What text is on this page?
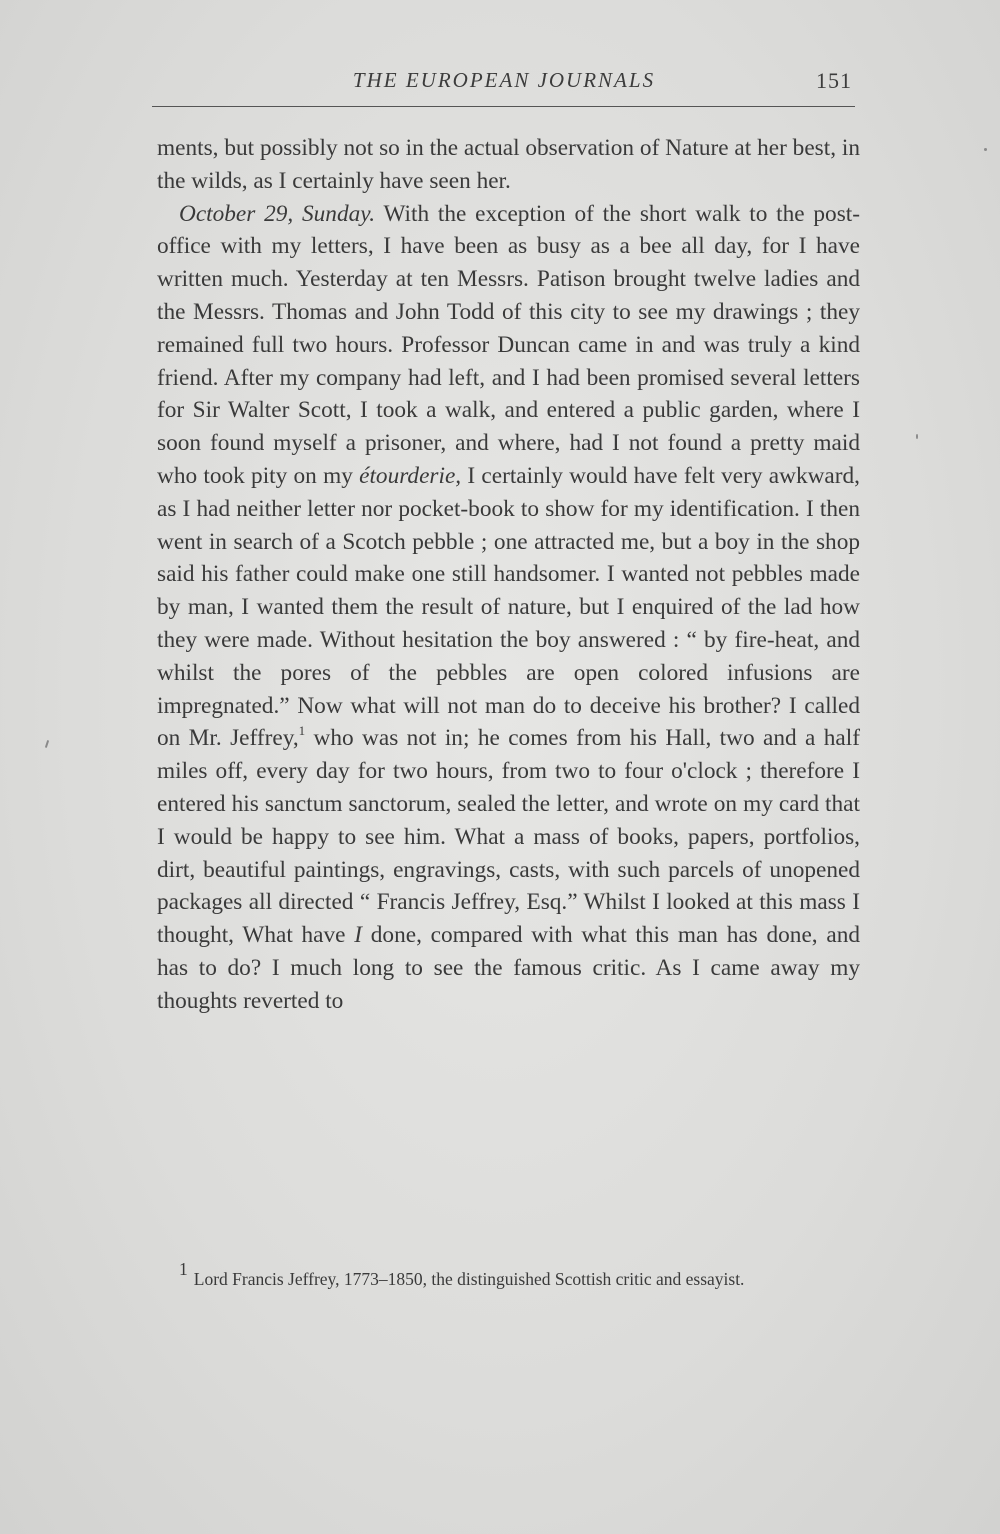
THE EUROPEAN JOURNALS	151

ments, but possibly not so in the actual observation of Nature at her best, in the wilds, as I certainly have seen her.

October 29, Sunday. With the exception of the short walk to the post-office with my letters, I have been as busy as a bee all day, for I have written much. Yesterday at ten Messrs. Patison brought twelve ladies and the Messrs. Thomas and John Todd of this city to see my drawings ; they remained full two hours. Professor Duncan came in and was truly a kind friend. After my company had left, and I had been promised several letters for Sir Walter Scott, I took a walk, and entered a public garden, where I soon found myself a prisoner, and where, had I not found a pretty maid who took pity on my étourderie, I certainly would have felt very awkward, as I had neither letter nor pocket-book to show for my identification. I then went in search of a Scotch pebble ; one attracted me, but a boy in the shop said his father could make one still handsomer. I wanted not pebbles made by man, I wanted them the result of nature, but I enquired of the lad how they were made. Without hesitation the boy answered : “ by fire-heat, and whilst the pores of the pebbles are open colored infusions are impregnated.” Now what will not man do to deceive his brother? I called on Mr. Jeffrey,$^1$ who was not in; he comes from his Hall, two and a half miles off, every day for two hours, from two to four o'clock ; therefore I entered his sanctum sanctorum, sealed the letter, and wrote on my card that I would be happy to see him. What a mass of books, papers, portfolios, dirt, beautiful paintings, engravings, casts, with such parcels of unopened packages all directed “ Francis Jeffrey, Esq.” Whilst I looked at this mass I thought, What have I done, compared with what this man has done, and has to do? I much long to see the famous critic. As I came away my thoughts reverted to

$^1$ Lord Francis Jeffrey, 1773–1850, the distinguished Scottish critic and essayist.
